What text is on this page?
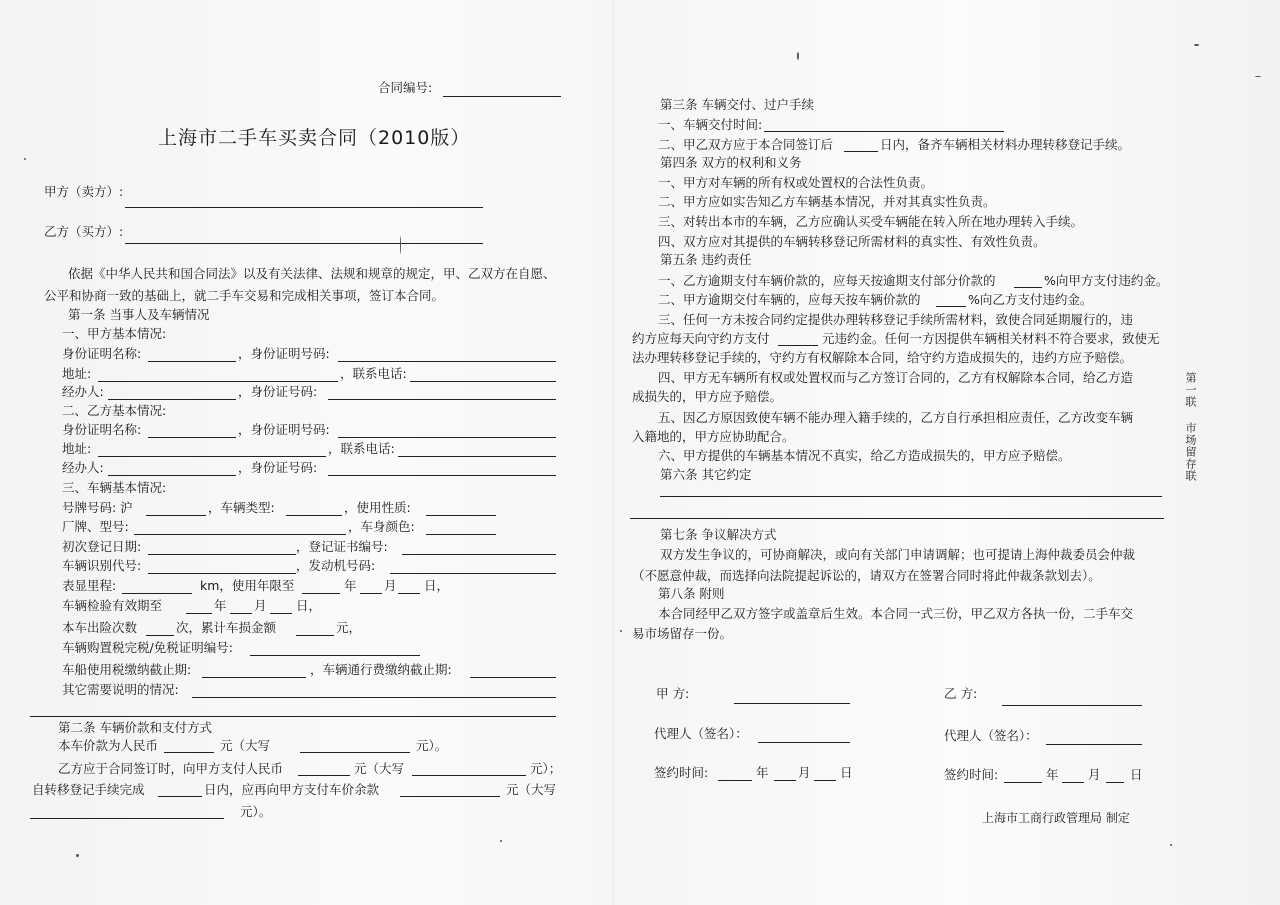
合同编号:
上海市二手车买卖合同（2010版）
甲方（卖方）:
乙方（买方）:
依据《中华人民共和国合同法》以及有关法律、法规和规章的规定，甲、乙双方在自愿、
公平和协商一致的基础上，就二手车交易和完成相关事项，签订本合同。
第一条 当事人及车辆情况
一、甲方基本情况:
身份证明名称:	，身份证明号码:
地址:	，联系电话:
经办人:	，身份证号码:
二、乙方基本情况:
身份证明名称:	，身份证明号码:
地址:	，联系电话:
经办人:	，身份证号码:
三、车辆基本情况:
号牌号码: 沪	，车辆类型:	，使用性质:
厂牌、型号:	，车身颜色:
初次登记日期:	，登记证书编号:
车辆识别代号:	，发动机号码:
表显里程:	km，使用年限至	年 月 日，
车辆检验有效期至	年 月 日，
本车出险次数	次，累计车损金额	元，
车辆购置税完税/免税证明编号:
车船使用税缴纳截止期:	，车辆通行费缴纳截止期:
其它需要说明的情况:
第二条 车辆价款和支付方式
本车价款为人民币	元（大写	元）。
乙方应于合同签订时，向甲方支付人民币	元（大写	元）；
自转移登记手续完成	日内，应再向甲方支付车价余款	元（大写
元）。
第三条 车辆交付、过户手续
一、车辆交付时间:
二、甲乙双方应于本合同签订后	日内，备齐车辆相关材料办理转移登记手续。
第四条 双方的权利和义务
一、甲方对车辆的所有权或处置权的合法性负责。
二、甲方应如实告知乙方车辆基本情况，并对其真实性负责。
三、对转出本市的车辆，乙方应确认买受车辆能在转入所在地办理转入手续。
四、双方应对其提供的车辆转移登记所需材料的真实性、有效性负责。
第五条 违约责任
一、乙方逾期支付车辆价款的，应每天按逾期支付部分价款的	%向甲方支付违约金。
二、甲方逾期交付车辆的，应每天按车辆价款的	%向乙方支付违约金。
三、任何一方未按合同约定提供办理转移登记手续所需材料，致使合同延期履行的，违
约方应每天向守约方支付	元违约金。任何一方因提供车辆相关材料不符合要求，致使无
法办理转移登记手续的，守约方有权解除本合同，给守约方造成损失的，违约方应予赔偿。
四、甲方无车辆所有权或处置权而与乙方签订合同的，乙方有权解除本合同，给乙方造
成损失的，甲方应予赔偿。
五、因乙方原因致使车辆不能办理入籍手续的，乙方自行承担相应责任，乙方改变车辆
入籍地的，甲方应协助配合。
六、甲方提供的车辆基本情况不真实，给乙方造成损失的，甲方应予赔偿。
第六条 其它约定
第七条 争议解决方式
双方发生争议的，可协商解决，或向有关部门申请调解；也可提请上海仲裁委员会仲裁
（不愿意仲裁，而选择向法院提起诉讼的，请双方在签署合同时将此仲裁条款划去）。
第八条 附则
本合同经甲乙双方签字或盖章后生效。本合同一式三份，甲乙双方各执一份，二手车交
易市场留存一份。
甲 方:	乙 方:
代理人（签名）：	代理人（签名）：
签约时间:	年 月 日	签约时间:	年 月 日
上海市工商行政管理局 制定
第一联
市场留存联
